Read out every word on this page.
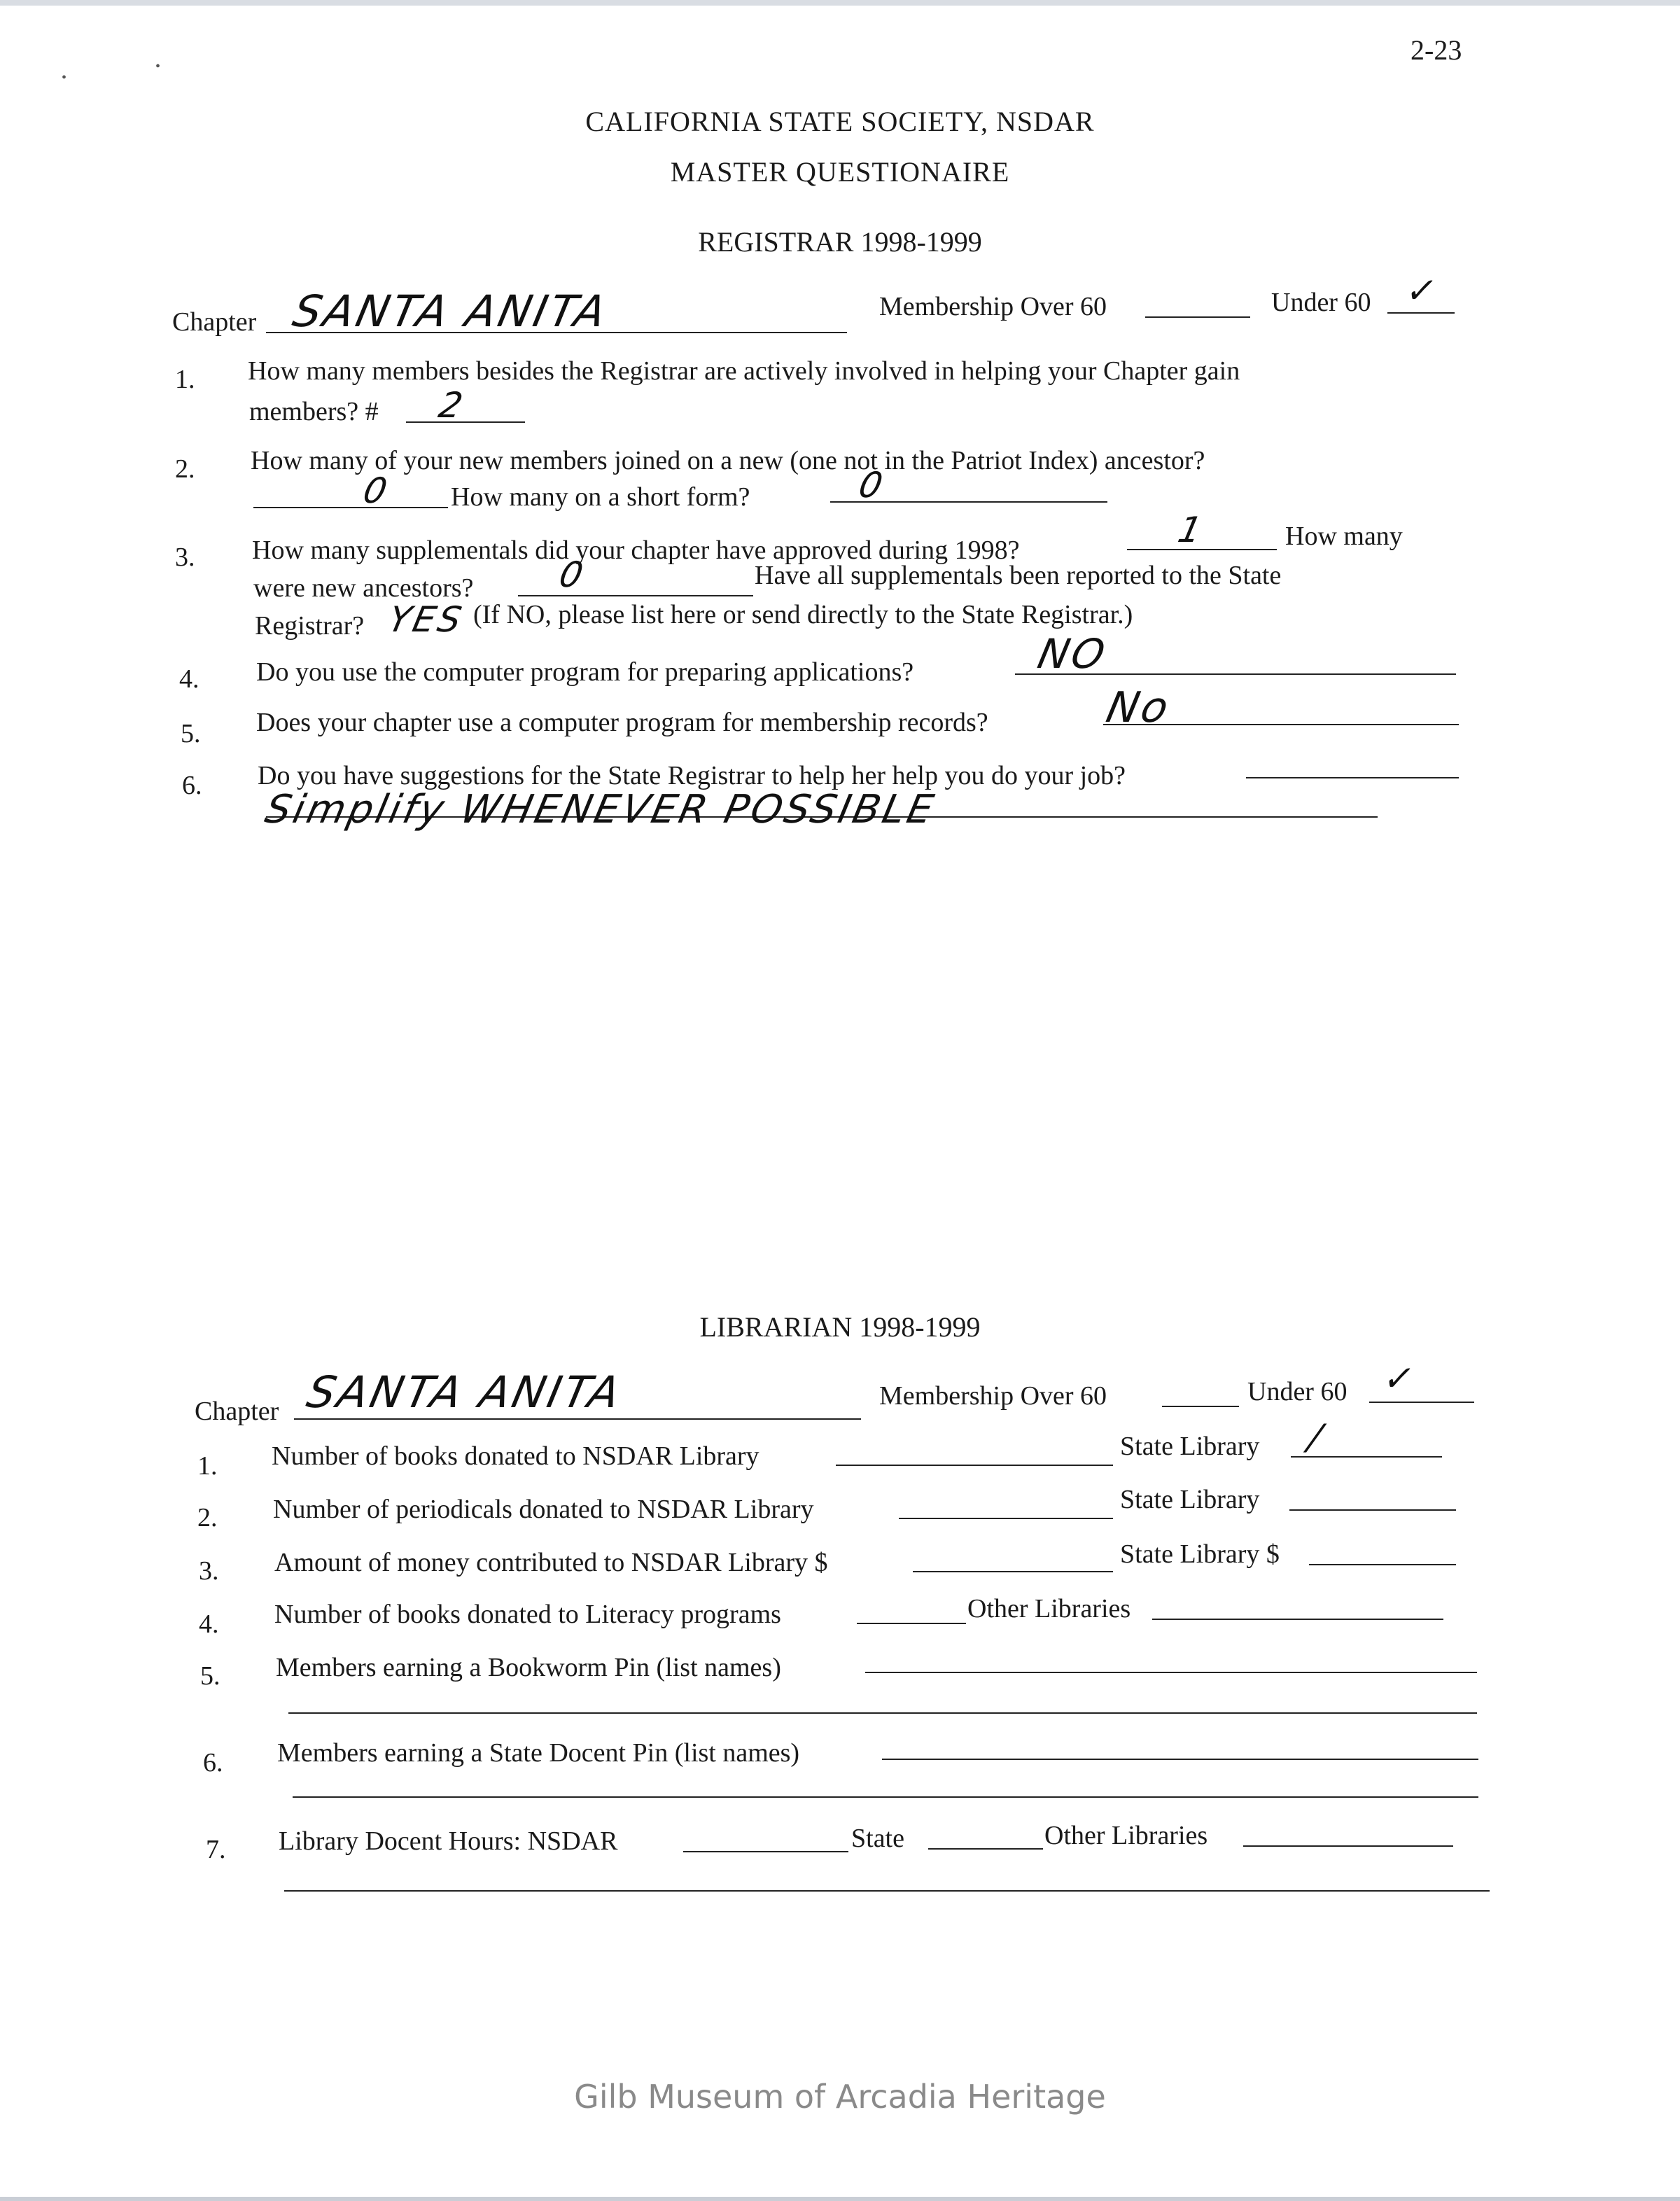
•
•
2-23
CALIFORNIA STATE SOCIETY, NSDAR
MASTER QUESTIONAIRE
REGISTRAR 1998-1999
Chapter SANTA ANITA	Membership Over 60	Under 60 ✓
1. How many members besides the Registrar are actively involved in helping your Chapter gain
members? # 2
2. How many of your new members joined on a new (one not in the Patriot Index) ancestor?
0 How many on a short form?	0
3. How many supplementals did your chapter have approved during 1998?	1	How many
were new ancestors? 0	Have all supplementals been reported to the State
Registrar? YES (If NO, please list here or send directly to the State Registrar.)
4. Do you use the computer program for preparing applications?	NO
5. Does your chapter use a computer program for membership records?	No
6. Do you have suggestions for the State Registrar to help her help you do your job?
Simplify WHENEVER POSSIBLE
LIBRARIAN 1998-1999
Chapter SANTA ANITA	Membership Over 60	Under 60 ✓
1. Number of books donated to NSDAR Library	State Library /
2. Number of periodicals donated to NSDAR Library	State Library
3. Amount of money contributed to NSDAR Library $	State Library $
4. Number of books donated to Literacy programs	Other Libraries
5. Members earning a Bookworm Pin (list names)
6. Members earning a State Docent Pin (list names)
7. Library Docent Hours: NSDAR	State	Other Libraries
Gilb Museum of Arcadia Heritage
